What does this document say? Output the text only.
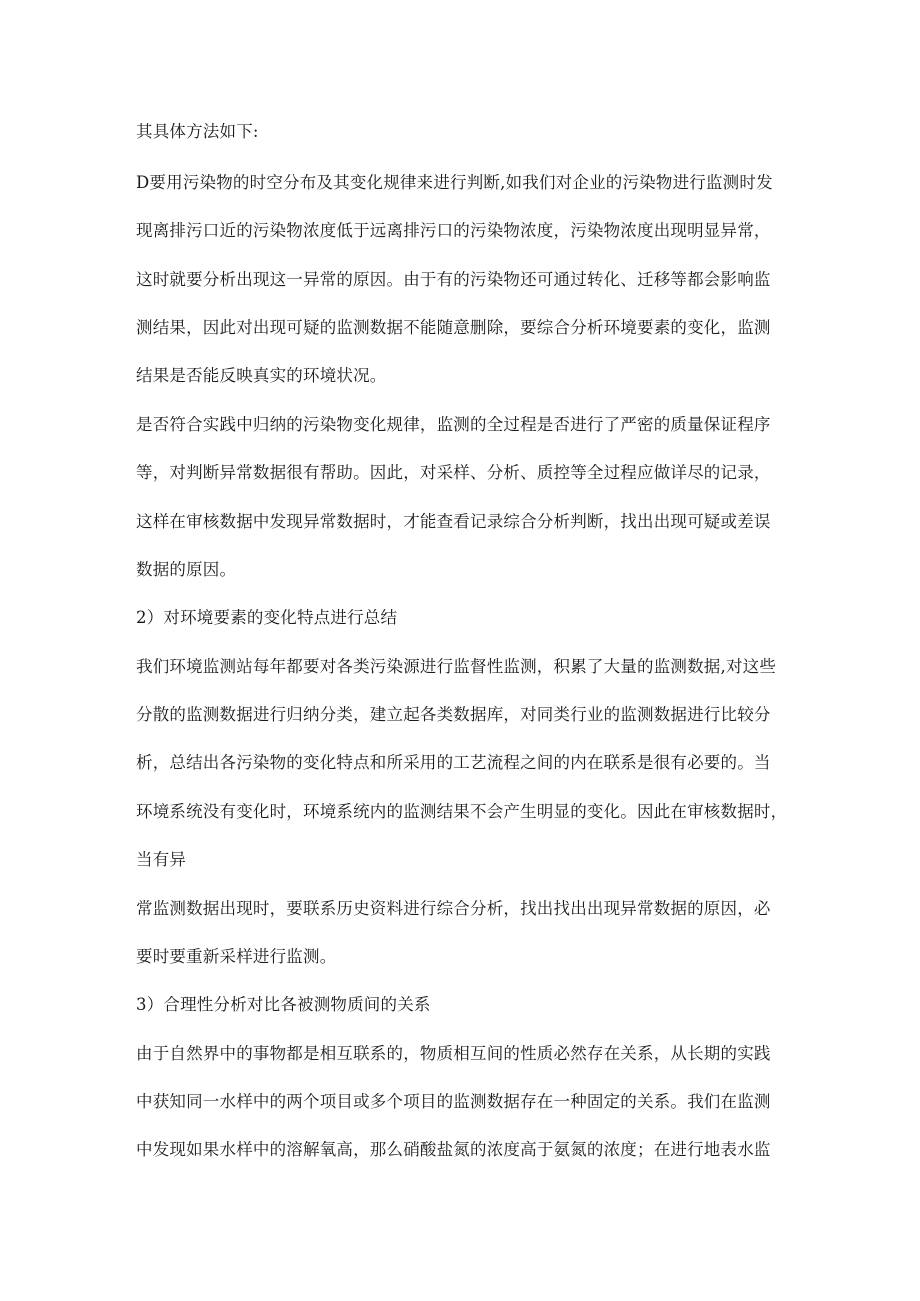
其具体方法如下:
D要用污染物的时空分布及其变化规律来进行判断,如我们对企业的污染物进行监测时发
现离排污口近的污染物浓度低于远离排污口的污染物浓度，污染物浓度出现明显异常，
这时就要分析出现这一异常的原因。由于有的污染物还可通过转化、迁移等都会影响监
测结果，因此对出现可疑的监测数据不能随意删除，要综合分析环境要素的变化，监测
结果是否能反映真实的环境状况。
是否符合实践中归纳的污染物变化规律，监测的全过程是否进行了严密的质量保证程序
等，对判断异常数据很有帮助。因此，对采样、分析、质控等全过程应做详尽的记录，
这样在审核数据中发现异常数据时，才能查看记录综合分析判断，找出出现可疑或差误
数据的原因。
2）对环境要素的变化特点进行总结
我们环境监测站每年都要对各类污染源进行监督性监测，积累了大量的监测数据,对这些
分散的监测数据进行归纳分类，建立起各类数据库，对同类行业的监测数据进行比较分
析，总结出各污染物的变化特点和所采用的工艺流程之间的内在联系是很有必要的。当
环境系统没有变化时，环境系统内的监测结果不会产生明显的变化。因此在审核数据时，
当有异
常监测数据出现时，要联系历史资料进行综合分析，找出找出出现异常数据的原因，必
要时要重新采样进行监测。
3）合理性分析对比各被测物质间的关系
由于自然界中的事物都是相互联系的，物质相互间的性质必然存在关系，从长期的实践
中获知同一水样中的两个项目或多个项目的监测数据存在一种固定的关系。我们在监测
中发现如果水样中的溶解氧高，那么硝酸盐氮的浓度高于氨氮的浓度；在进行地表水监
